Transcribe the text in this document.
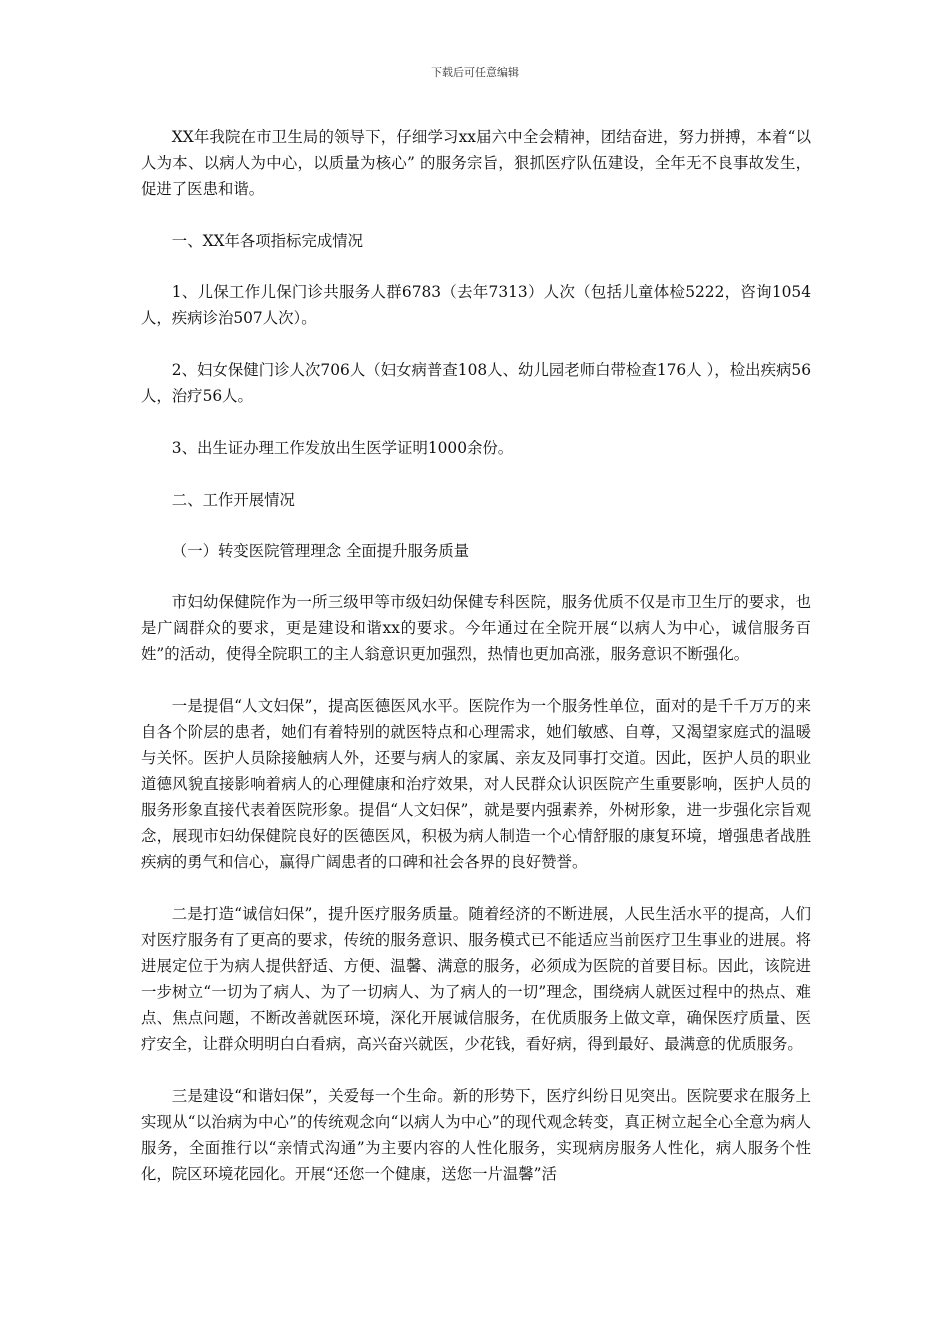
下载后可任意编辑

XX年我院在市卫生局的领导下，仔细学习xx届六中全会精神，团结奋进，努力拼搏，本着“以人为本、以病人为中心，以质量为核心” 的服务宗旨，狠抓医疗队伍建设，全年无不良事故发生，促进了医患和谐。

一、XX年各项指标完成情况

1、儿保工作儿保门诊共服务人群6783（去年7313）人次（包括儿童体检5222，咨询1054人，疾病诊治507人次）。

2、妇女保健门诊人次706人（妇女病普查108人、幼儿园老师白带检查176人 ），检出疾病56人，治疗56人。

3、出生证办理工作发放出生医学证明1000余份。

二、工作开展情况

（一）转变医院管理理念 全面提升服务质量

市妇幼保健院作为一所三级甲等市级妇幼保健专科医院，服务优质不仅是市卫生厅的要求，也是广阔群众的要求，更是建设和谐xx的要求。今年通过在全院开展“以病人为中心，诚信服务百姓”的活动，使得全院职工的主人翁意识更加强烈，热情也更加高涨，服务意识不断强化。

一是提倡“人文妇保”，提高医德医风水平。医院作为一个服务性单位，面对的是千千万万的来自各个阶层的患者，她们有着特别的就医特点和心理需求，她们敏感、自尊，又渴望家庭式的温暖与关怀。医护人员除接触病人外，还要与病人的家属、亲友及同事打交道。因此，医护人员的职业道德风貌直接影响着病人的心理健康和治疗效果，对人民群众认识医院产生重要影响，医护人员的服务形象直接代表着医院形象。提倡“人文妇保”，就是要内强素养，外树形象，进一步强化宗旨观念，展现市妇幼保健院良好的医德医风，积极为病人制造一个心情舒服的康复环境，增强患者战胜疾病的勇气和信心，赢得广阔患者的口碑和社会各界的良好赞誉。

二是打造“诚信妇保”，提升医疗服务质量。随着经济的不断进展，人民生活水平的提高，人们对医疗服务有了更高的要求，传统的服务意识、服务模式已不能适应当前医疗卫生事业的进展。将进展定位于为病人提供舒适、方便、温馨、满意的服务，必须成为医院的首要目标。因此，该院进一步树立“一切为了病人、为了一切病人、为了病人的一切”理念，围绕病人就医过程中的热点、难点、焦点问题，不断改善就医环境，深化开展诚信服务，在优质服务上做文章，确保医疗质量、医疗安全，让群众明明白白看病，高兴奋兴就医，少花钱，看好病，得到最好、最满意的优质服务。

三是建设“和谐妇保”，关爱每一个生命。新的形势下，医疗纠纷日见突出。医院要求在服务上实现从“以治病为中心”的传统观念向“以病人为中心”的现代观念转变，真正树立起全心全意为病人服务，全面推行以“亲情式沟通”为主要内容的人性化服务，实现病房服务人性化，病人服务个性化，院区环境花园化。开展“还您一个健康，送您一片温馨”活
